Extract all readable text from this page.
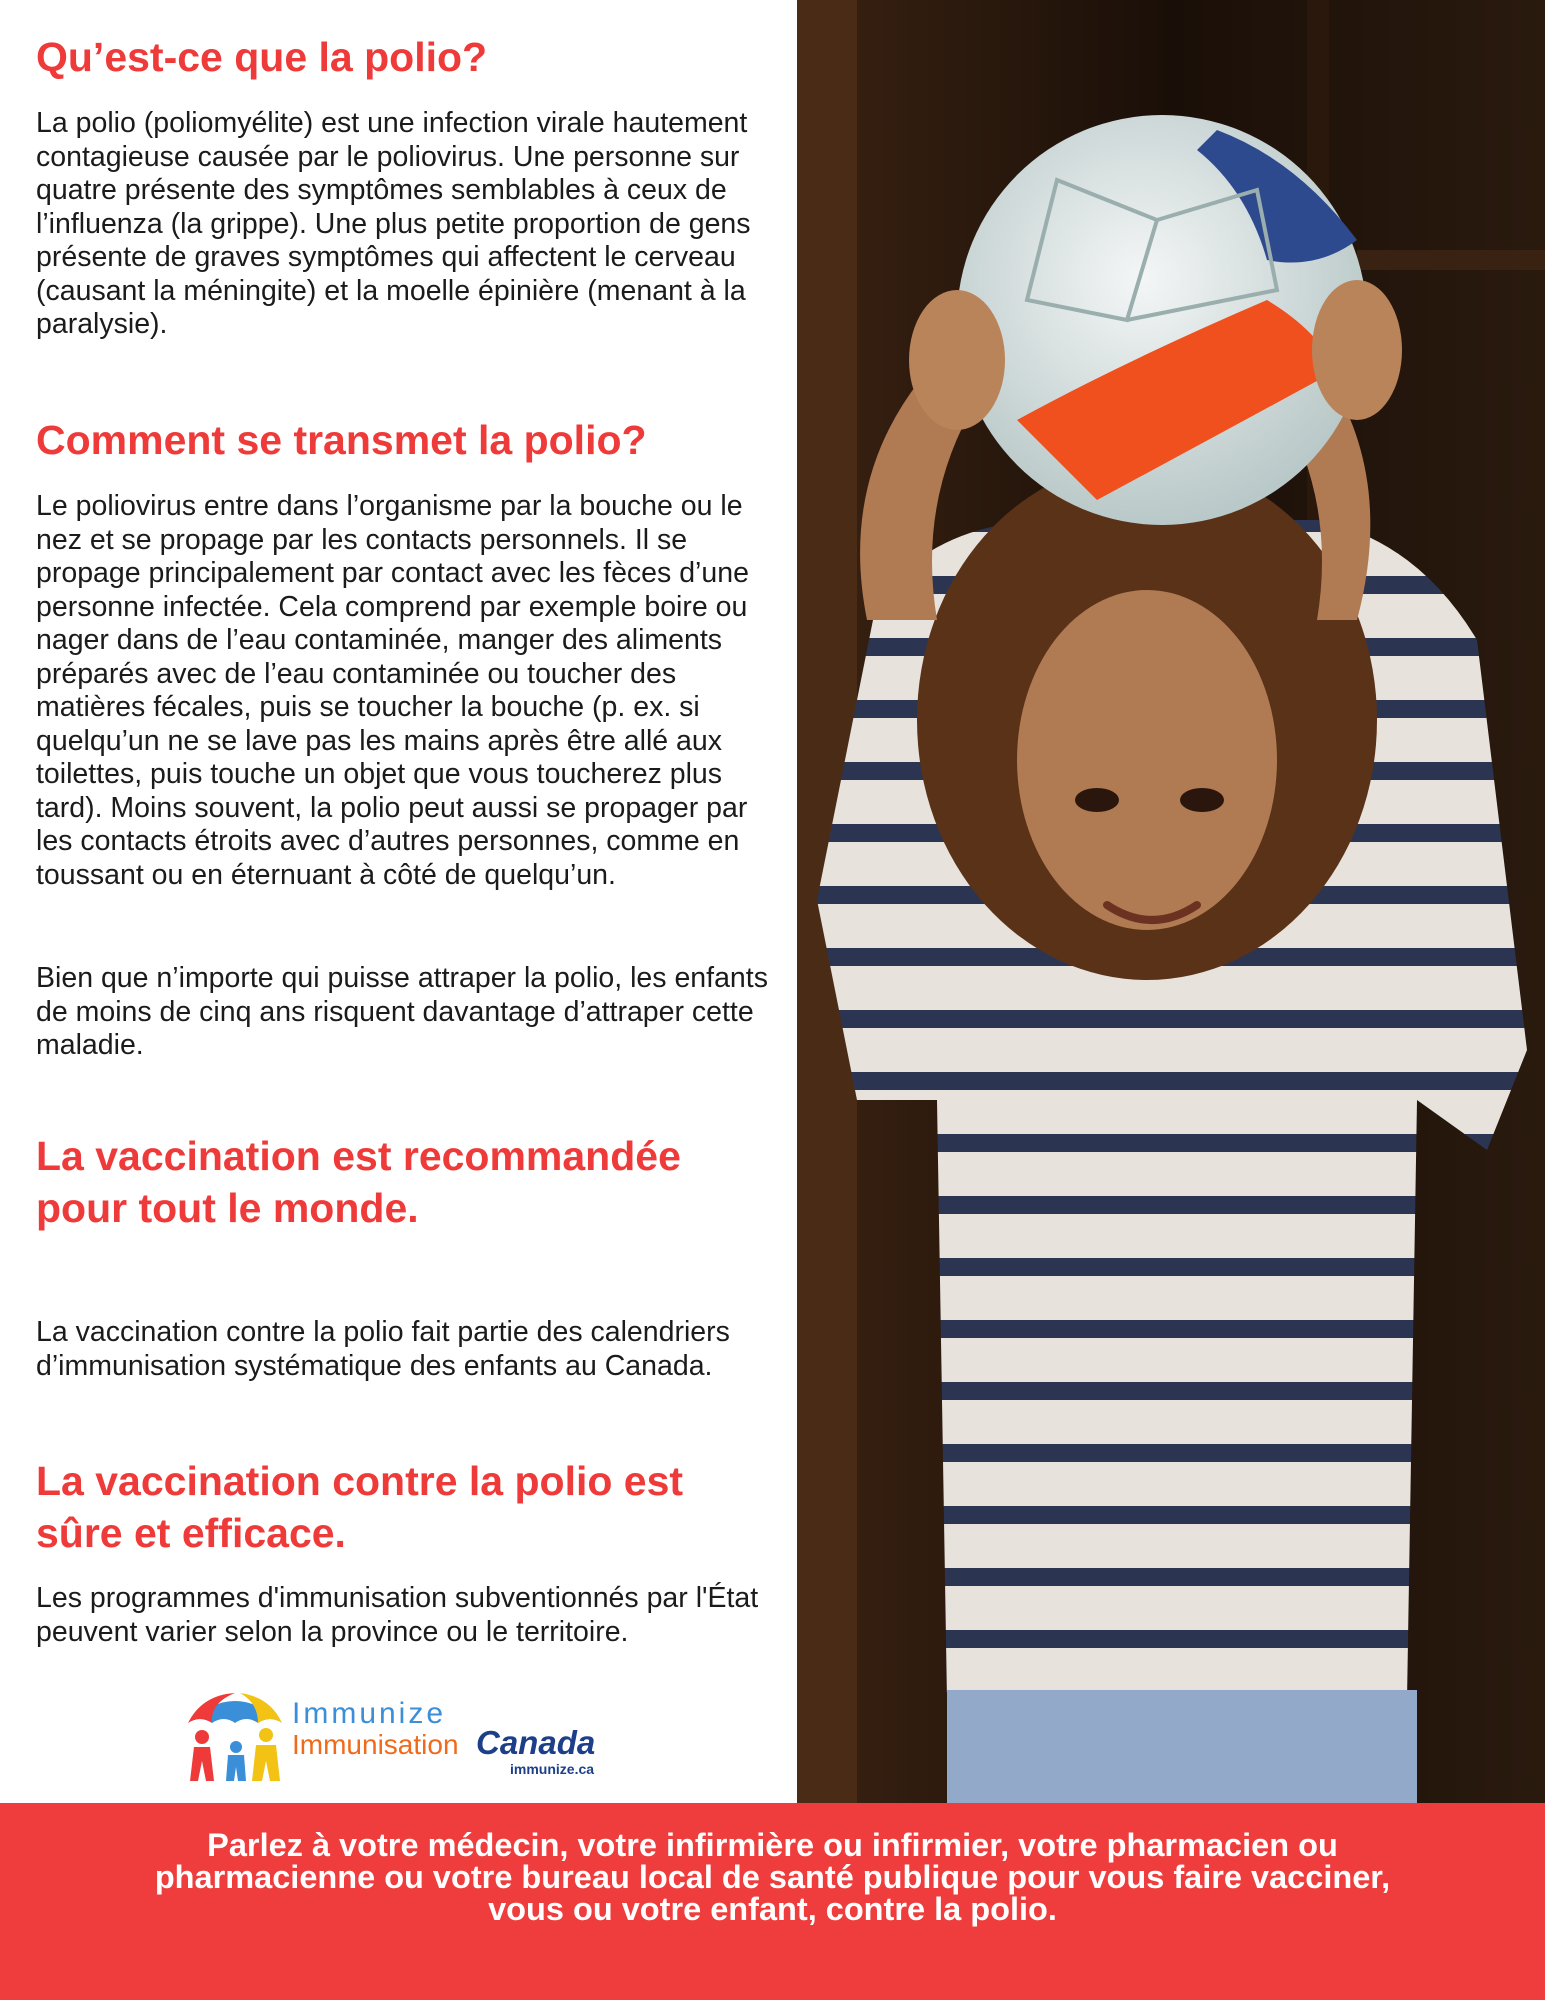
Qu’est-ce que la polio?

La polio (poliomyélite) est une infection virale hautement contagieuse causée par le poliovirus. Une personne sur quatre présente des symptômes semblables à ceux de l’influenza (la grippe). Une plus petite proportion de gens présente de graves symptômes qui affectent le cerveau (causant la méningite) et la moelle épinière (menant à la paralysie).

Comment se transmet la polio?

Le poliovirus entre dans l’organisme par la bouche ou le nez et se propage par les contacts personnels. Il se propage principalement par contact avec les fèces d’une personne infectée. Cela comprend par exemple boire ou nager dans de l’eau contaminée, manger des aliments préparés avec de l’eau contaminée ou toucher des matières fécales, puis se toucher la bouche (p. ex. si quelqu’un ne se lave pas les mains après être allé aux toilettes, puis touche un objet que vous toucherez plus tard). Moins souvent, la polio peut aussi se propager par les contacts étroits avec d’autres personnes, comme en toussant ou en éternuant à côté de quelqu’un.

Bien que n’importe qui puisse attraper la polio, les enfants de moins de cinq ans risquent davantage d’attraper cette maladie.

La vaccination est recommandée pour tout le monde.

La vaccination contre la polio fait partie des calendriers d’immunisation systématique des enfants au Canada.

La vaccination contre la polio est sûre et efficace.

Les programmes d'immunisation subventionnés par l'État peuvent varier selon la province ou le territoire.

Immunize
Immunisation Canada
immunize.ca
Parlez à votre médecin, votre infirmière ou infirmier, votre pharmacien ou pharmacienne ou votre bureau local de santé publique pour vous faire vacciner, vous ou votre enfant, contre la polio.
